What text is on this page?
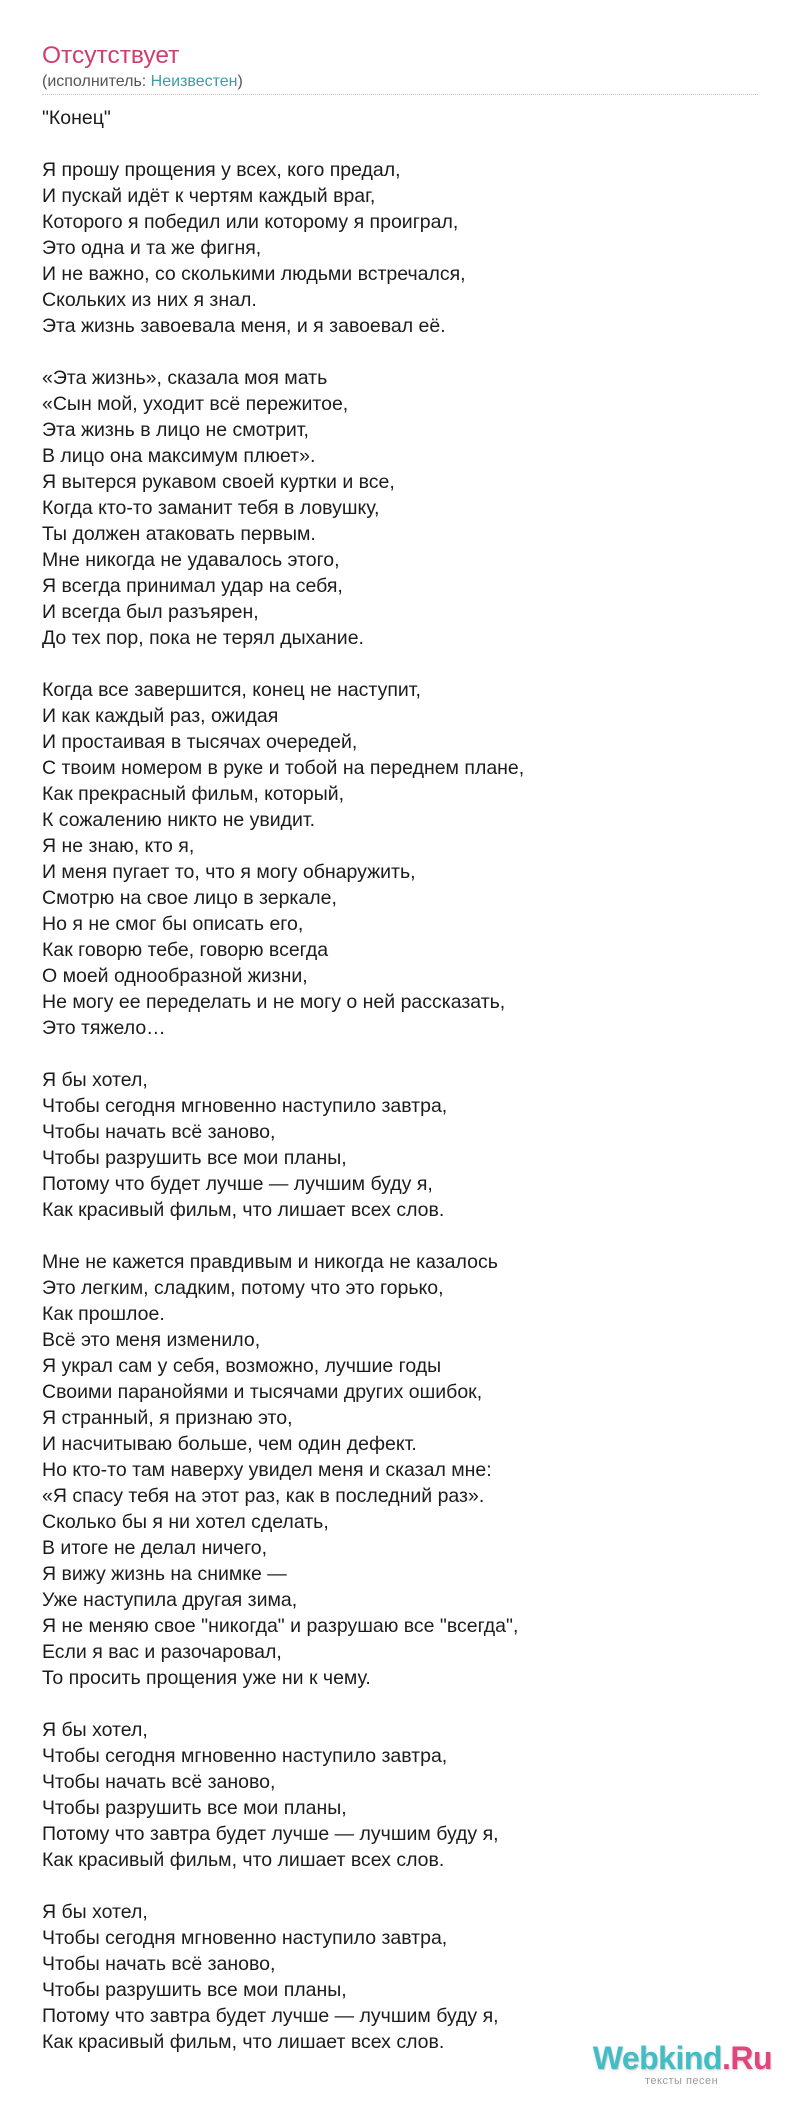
Отсутствует
(исполнитель: Неизвестен)
"Конец"
Я прошу прощения у всех, кого предал,
И пускай идёт к чертям каждый враг,
Которого я победил или которому я проиграл,
Это одна и та же фигня,
И не важно, со сколькими людьми встречался,
Скольких из них я знал.
Эта жизнь завоевала меня, и я завоевал её.
«Эта жизнь», сказала моя мать
«Сын мой, уходит всё пережитое,
Эта жизнь в лицо не смотрит,
В лицо она максимум плюет».
Я вытерся рукавом своей куртки и все,
Когда кто-то заманит тебя в ловушку,
Ты должен атаковать первым.
Мне никогда не удавалось этого,
Я всегда принимал удар на себя,
И всегда был разъярен,
До тех пор, пока не терял дыхание.
Когда все завершится, конец не наступит,
И как каждый раз, ожидая
И простаивая в тысячах очередей,
С твоим номером в руке и тобой на переднем плане,
Как прекрасный фильм, который,
К сожалению никто не увидит.
Я не знаю, кто я,
И меня пугает то, что я могу обнаружить,
Смотрю на свое лицо в зеркале,
Но я не смог бы описать его,
Как говорю тебе, говорю всегда
О моей однообразной жизни,
Не могу ее переделать и не могу о ней рассказать,
Это тяжело…
Я бы хотел,
Чтобы сегодня мгновенно наступило завтра,
Чтобы начать всё заново,
Чтобы разрушить все мои планы,
Потому что будет лучше — лучшим буду я,
Как красивый фильм, что лишает всех слов.
Мне не кажется правдивым и никогда не казалось
Это легким, сладким, потому что это горько,
Как прошлое.
Всё это меня изменило,
Я украл сам у себя, возможно, лучшие годы
Своими паранойями и тысячами других ошибок,
Я странный, я признаю это,
И насчитываю больше, чем один дефект.
Но кто-то там наверху увидел меня и сказал мне:
«Я спасу тебя на этот раз, как в последний раз».
Сколько бы я ни хотел сделать,
В итоге не делал ничего,
Я вижу жизнь на снимке —
Уже наступила другая зима,
Я не меняю свое "никогда" и разрушаю все "всегда",
Если я вас и разочаровал,
То просить прощения уже ни к чему.
Я бы хотел,
Чтобы сегодня мгновенно наступило завтра,
Чтобы начать всё заново,
Чтобы разрушить все мои планы,
Потому что завтра будет лучше — лучшим буду я,
Как красивый фильм, что лишает всех слов.
Я бы хотел,
Чтобы сегодня мгновенно наступило завтра,
Чтобы начать всё заново,
Чтобы разрушить все мои планы,
Потому что завтра будет лучше — лучшим буду я,
Как красивый фильм, что лишает всех слов.	Webkind.Ru
тексты песен
